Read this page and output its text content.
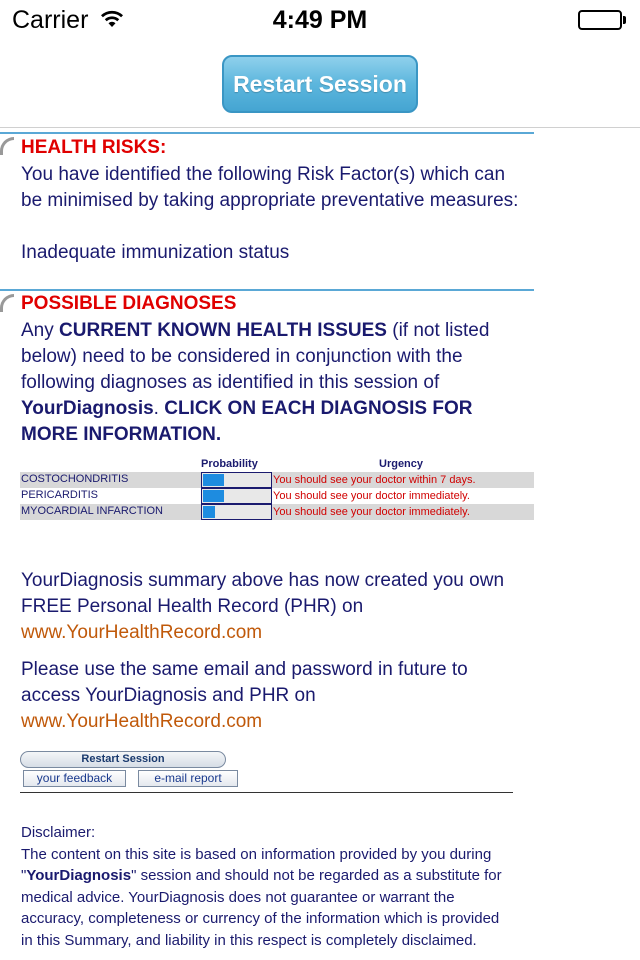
Carrier	4:49 PM
Restart Session
HEALTH RISKS:
You have identified the following Risk Factor(s) which can be minimised by taking appropriate preventative measures:
Inadequate immunization status
POSSIBLE DIAGNOSES
Any CURRENT KNOWN HEALTH ISSUES (if not listed below) need to be considered in conjunction with the following diagnoses as identified in this session of YourDiagnosis. CLICK ON EACH DIAGNOSIS FOR MORE INFORMATION.
Probability	Urgency
COSTOCHONDRITIS	You should see your doctor within 7 days.
PERICARDITIS	You should see your doctor immediately.
MYOCARDIAL INFARCTION	You should see your doctor immediately.
YourDiagnosis summary above has now created you own FREE Personal Health Record (PHR) on
www.YourHealthRecord.com
Please use the same email and password in future to access YourDiagnosis and PHR on
www.YourHealthRecord.com
Restart Session
your feedback	e-mail report
Disclaimer:
The content on this site is based on information provided by you during "YourDiagnosis" session and should not be regarded as a substitute for medical advice. YourDiagnosis does not guarantee or warrant the accuracy, completeness or currency of the information which is provided in this Summary, and liability in this respect is completely disclaimed.
